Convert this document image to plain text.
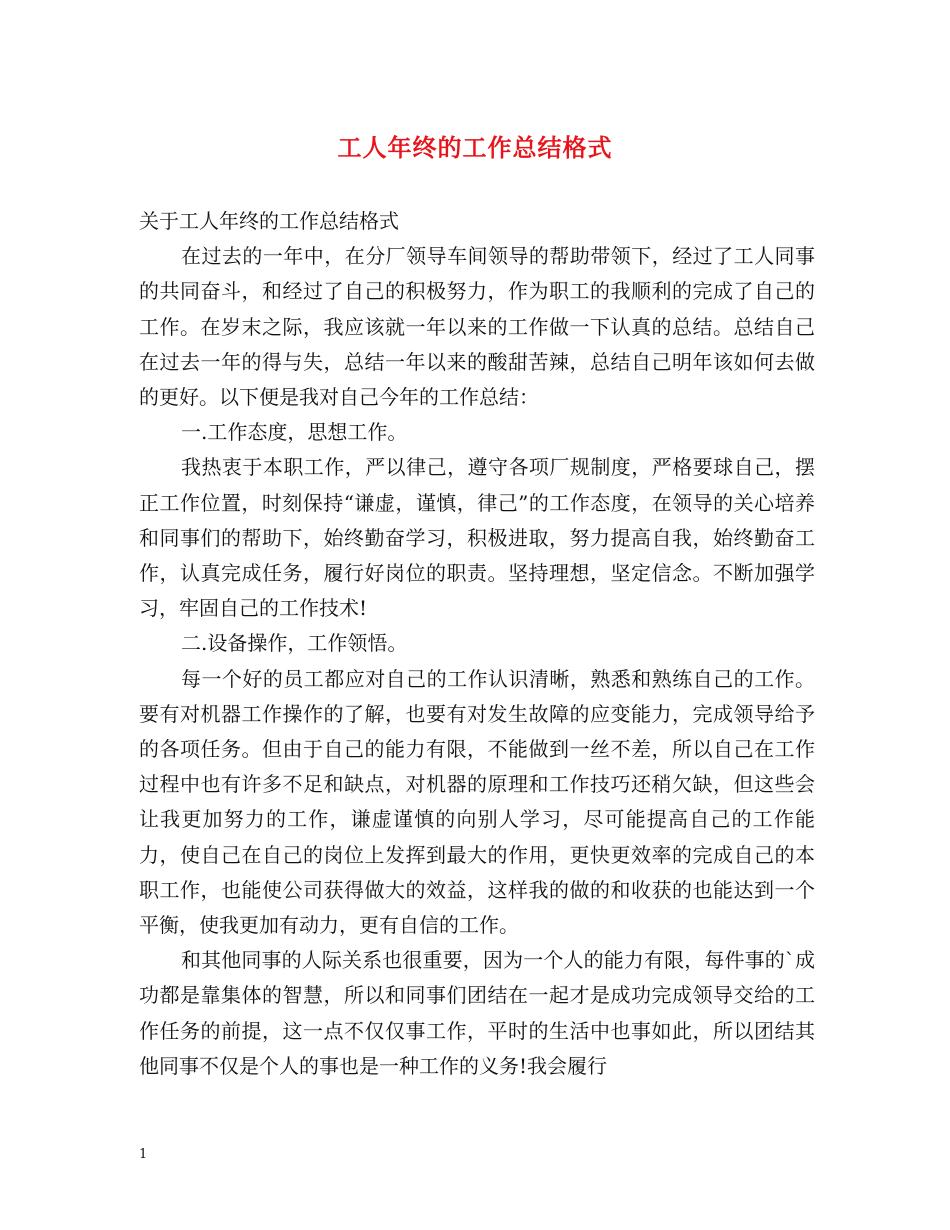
工人年终的工作总结格式

关于工人年终的工作总结格式

在过去的一年中，在分厂领导车间领导的帮助带领下，经过了工人同事的共同奋斗，和经过了自己的积极努力，作为职工的我顺利的完成了自己的工作。在岁末之际，我应该就一年以来的工作做一下认真的总结。总结自己在过去一年的得与失，总结一年以来的酸甜苦辣，总结自己明年该如何去做的更好。以下便是我对自己今年的工作总结：

一.工作态度，思想工作。

我热衷于本职工作，严以律己，遵守各项厂规制度，严格要球自己，摆正工作位置，时刻保持“谦虚，谨慎，律己”的工作态度，在领导的关心培养和同事们的帮助下，始终勤奋学习，积极进取，努力提高自我，始终勤奋工作，认真完成任务，履行好岗位的职责。坚持理想，坚定信念。不断加强学习，牢固自己的工作技术!

二.设备操作，工作领悟。

每一个好的员工都应对自己的工作认识清晰，熟悉和熟练自己的工作。要有对机器工作操作的了解，也要有对发生故障的应变能力，完成领导给予的各项任务。但由于自己的能力有限，不能做到一丝不差，所以自己在工作过程中也有许多不足和缺点，对机器的原理和工作技巧还稍欠缺，但这些会让我更加努力的工作，谦虚谨慎的向别人学习，尽可能提高自己的工作能力，使自己在自己的岗位上发挥到最大的作用，更快更效率的完成自己的本职工作，也能使公司获得做大的效益，这样我的做的和收获的也能达到一个平衡，使我更加有动力，更有自信的工作。

和其他同事的人际关系也很重要，因为一个人的能力有限，每件事的`成功都是靠集体的智慧，所以和同事们团结在一起才是成功完成领导交给的工作任务的前提，这一点不仅仅事工作，平时的生活中也事如此，所以团结其他同事不仅是个人的事也是一种工作的义务!我会履行

1
